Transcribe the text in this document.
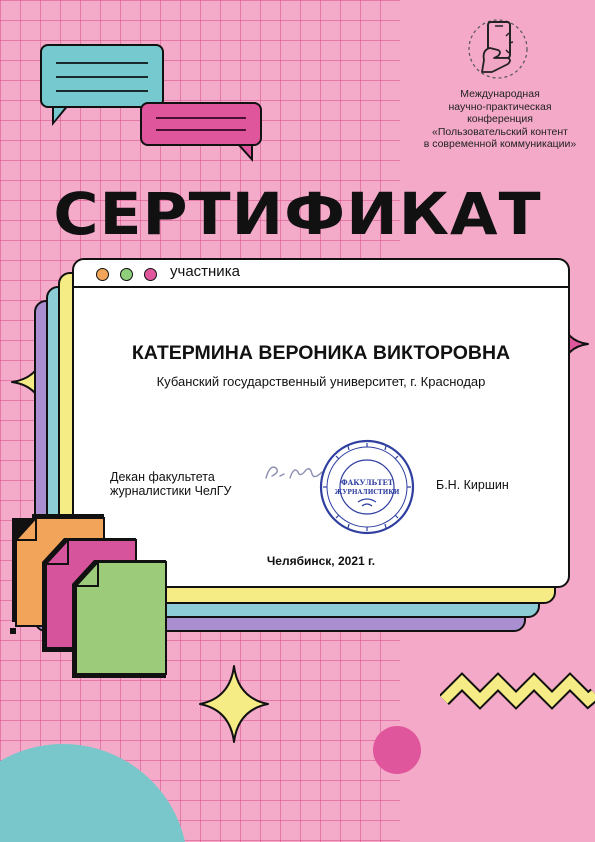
Международная
научно-практическая
конференция
«Пользовательский контент
в современной коммуникации»
СЕРТИФИКАТ
участника
КАТЕРМИНА ВЕРОНИКА ВИКТОРОВНА
Кубанский государственный университет, г. Краснодар
Декан факультета
журналистики ЧелГУ
ФАКУЛЬТЕТ
ЖУРНАЛИСТИКИ
Б.Н. Киршин
Челябинск, 2021 г.
